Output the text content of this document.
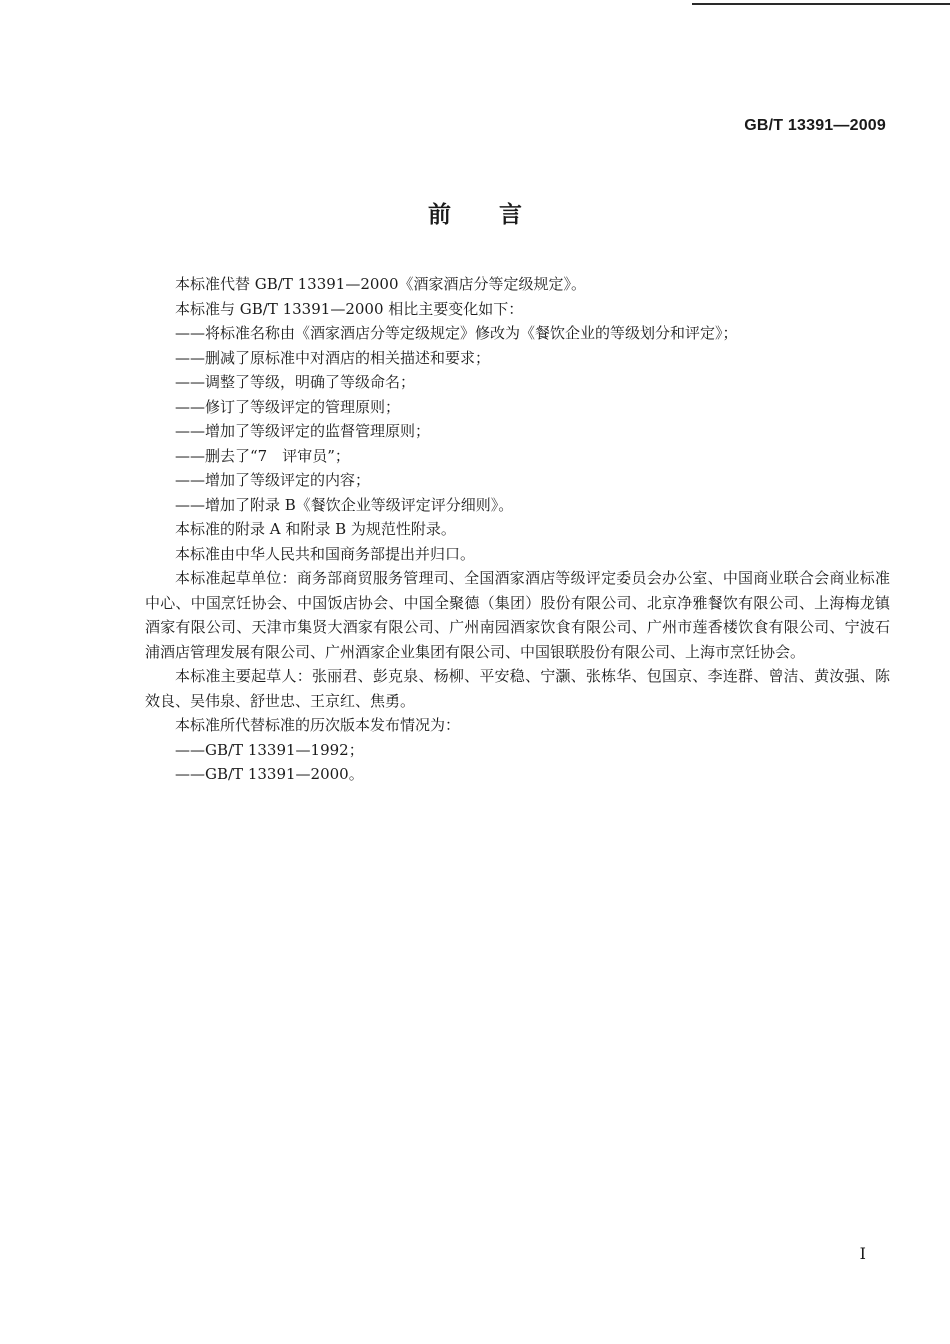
GB/T 13391—2009
前言

本标准代替 GB/T 13391—2000《酒家酒店分等定级规定》。

本标准与 GB/T 13391—2000 相比主要变化如下：

——将标准名称由《酒家酒店分等定级规定》修改为《餐饮企业的等级划分和评定》；

——删减了原标准中对酒店的相关描述和要求；

——调整了等级，明确了等级命名；

——修订了等级评定的管理原则；

——增加了等级评定的监督管理原则；

——删去了“7　评审员”；

——增加了等级评定的内容；

——增加了附录 B《餐饮企业等级评定评分细则》。

本标准的附录 A 和附录 B 为规范性附录。

本标准由中华人民共和国商务部提出并归口。

本标准起草单位：商务部商贸服务管理司、全国酒家酒店等级评定委员会办公室、中国商业联合会商业标准中心、中国烹饪协会、中国饭店协会、中国全聚德（集团）股份有限公司、北京净雅餐饮有限公司、上海梅龙镇酒家有限公司、天津市集贤大酒家有限公司、广州南园酒家饮食有限公司、广州市莲香楼饮食有限公司、宁波石浦酒店管理发展有限公司、广州酒家企业集团有限公司、中国银联股份有限公司、上海市烹饪协会。

本标准主要起草人：张丽君、彭克泉、杨柳、平安稳、宁灏、张栋华、包国京、李连群、曾洁、黄汝强、陈效良、吴伟泉、舒世忠、王京红、焦勇。

本标准所代替标准的历次版本发布情况为：

——GB/T 13391—1992；

——GB/T 13391—2000。

I
